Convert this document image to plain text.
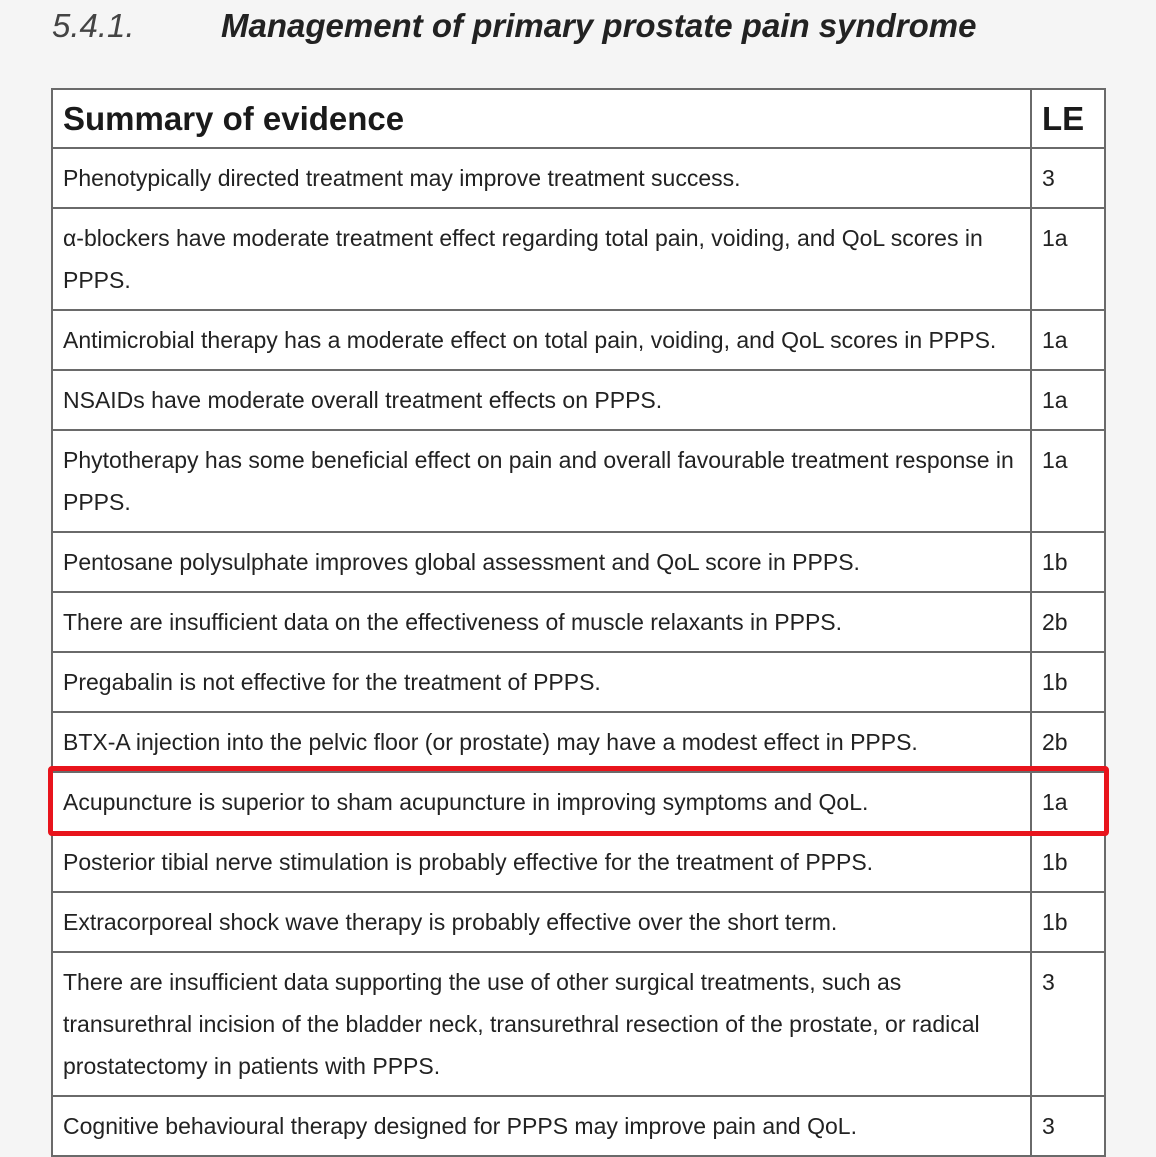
5.4.1.	Management of primary prostate pain syndrome
Summary of evidence	LE
Phenotypically directed treatment may improve treatment success.	3
α-blockers have moderate treatment effect regarding total pain, voiding, and QoL scores in PPPS.	1a
Antimicrobial therapy has a moderate effect on total pain, voiding, and QoL scores in PPPS.	1a
NSAIDs have moderate overall treatment effects on PPPS.	1a
Phytotherapy has some beneficial effect on pain and overall favourable treatment response in PPPS.	1a
Pentosane polysulphate improves global assessment and QoL score in PPPS.	1b
There are insufficient data on the effectiveness of muscle relaxants in PPPS.	2b
Pregabalin is not effective for the treatment of PPPS.	1b
BTX-A injection into the pelvic floor (or prostate) may have a modest effect in PPPS.	2b
Acupuncture is superior to sham acupuncture in improving symptoms and QoL.	1a
Posterior tibial nerve stimulation is probably effective for the treatment of PPPS.	1b
Extracorporeal shock wave therapy is probably effective over the short term.	1b
There are insufficient data supporting the use of other surgical treatments, such as transurethral incision of the bladder neck, transurethral resection of the prostate, or radical prostatectomy in patients with PPPS.	3
Cognitive behavioural therapy designed for PPPS may improve pain and QoL.	3
